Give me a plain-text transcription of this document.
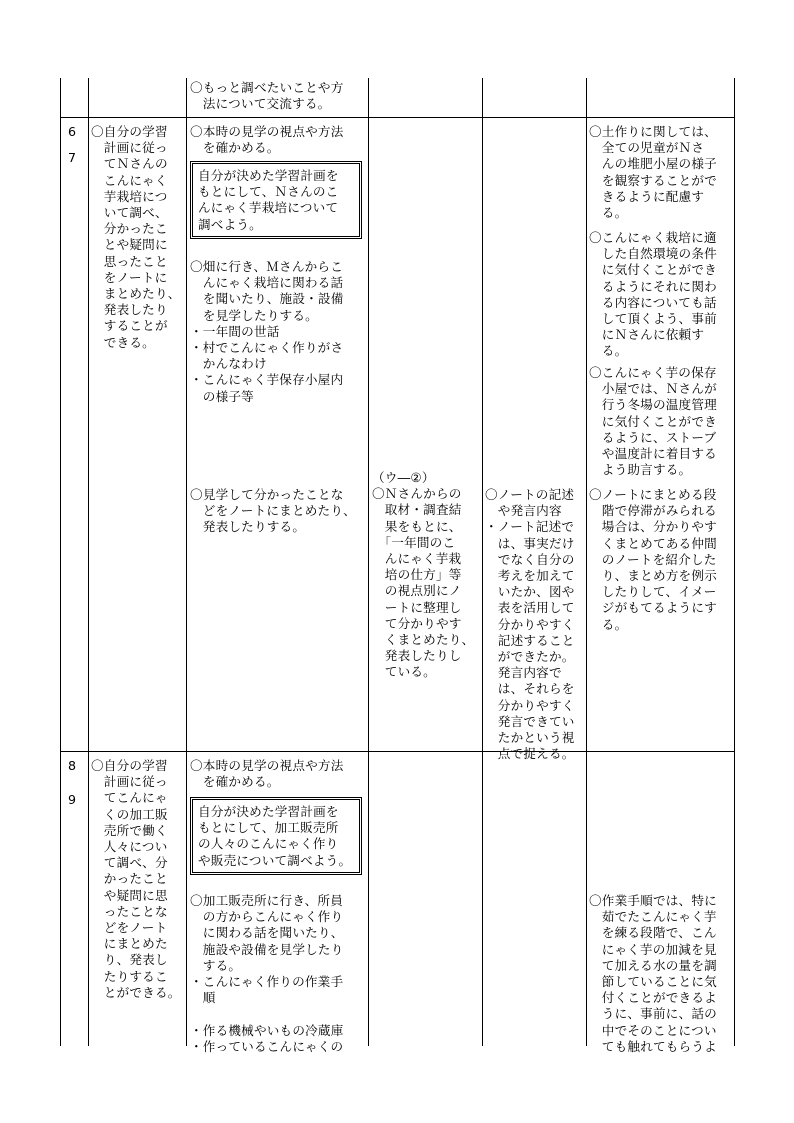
〇もっと調べたいことや方
　法について交流する。
6
7
〇自分の学習
　計画に従っ
　てＮさんの
　こんにゃく
　芋栽培につ
　いて調べ、
　分かったこ
　とや疑問に
　思ったこと
　をノートに
　まとめたり、
　発表したり
　することが
　できる。
〇本時の見学の視点や方法
　を確かめる。
自分が決めた学習計画を
もとにして、Ｎさんのこ
んにゃく芋栽培について
調べよう。
〇畑に行き、Ｍさんからこ
　んにゃく栽培に関わる話
　を聞いたり、施設・設備
　を見学したりする。
・一年間の世話
・村でこんにゃく作りがさ
　かんなわけ
・こんにゃく芋保存小屋内
　の様子等
〇見学して分かったことな
　どをノートにまとめたり、
　発表したりする。
（ウ―②）
〇Ｎさんからの
　取材・調査結
　果をもとに、
　「一年間のこ
　んにゃく芋栽
　培の仕方」等
　の視点別にノ
　ートに整理し
　て分かりやす
　くまとめたり、
　発表したりし
　ている。
〇ノートの記述
　や発言内容
・ノート記述で
　は、事実だけ
　でなく自分の
　考えを加えて
　いたか、図や
　表を活用して
　分かりやすく
　記述すること
　ができたか。
　発言内容で
　は、それらを
　分かりやすく
　発言できてい
　たかという視
　点で捉える。
〇土作りに関しては、
　全ての児童がＮさ
　んの堆肥小屋の様子
　を観察することがで
　きるように配慮す
　る。
〇こんにゃく栽培に適
　した自然環境の条件
　に気付くことができ
　るようにそれに関わ
　る内容についても話
　して頂くよう、事前
　にＮさんに依頼す
　る。
〇こんにゃく芋の保存
　小屋では、Ｎさんが
　行う冬場の温度管理
　に気付くことができ
　るように、ストーブ
　や温度計に着目する
　よう助言する。
〇ノートにまとめる段
　階で停滞がみられる
　場合は、分かりやす
　くまとめてある仲間
　のノートを紹介した
　り、まとめ方を例示
　したりして、イメー
　ジがもてるようにす
　る。
8
9
〇自分の学習
　計画に従っ
　てこんにゃ
　くの加工販
　売所で働く
　人々につい
　て調べ、分
　かったこと
　や疑問に思
　ったことな
　どをノート
　にまとめた
　り、発表し
　たりするこ
　とができる。
〇本時の見学の視点や方法
　を確かめる。
自分が決めた学習計画を
もとにして、加工販売所
の人々のこんにゃく作り
や販売について調べよう。
〇加工販売所に行き、所員
　の方からこんにゃく作り
　に関わる話を聞いたり、
　施設や設備を見学したり
　する。
・こんにゃく作りの作業手
　順

・作る機械やいもの冷蔵庫
・作っているこんにゃくの
〇作業手順では、特に
　茹でたこんにゃく芋
　を練る段階で、こん
　にゃく芋の加減を見
　て加える水の量を調
　節していることに気
　付くことができるよ
　うに、事前に、話の
　中でそのことについ
　ても触れてもらうよ
